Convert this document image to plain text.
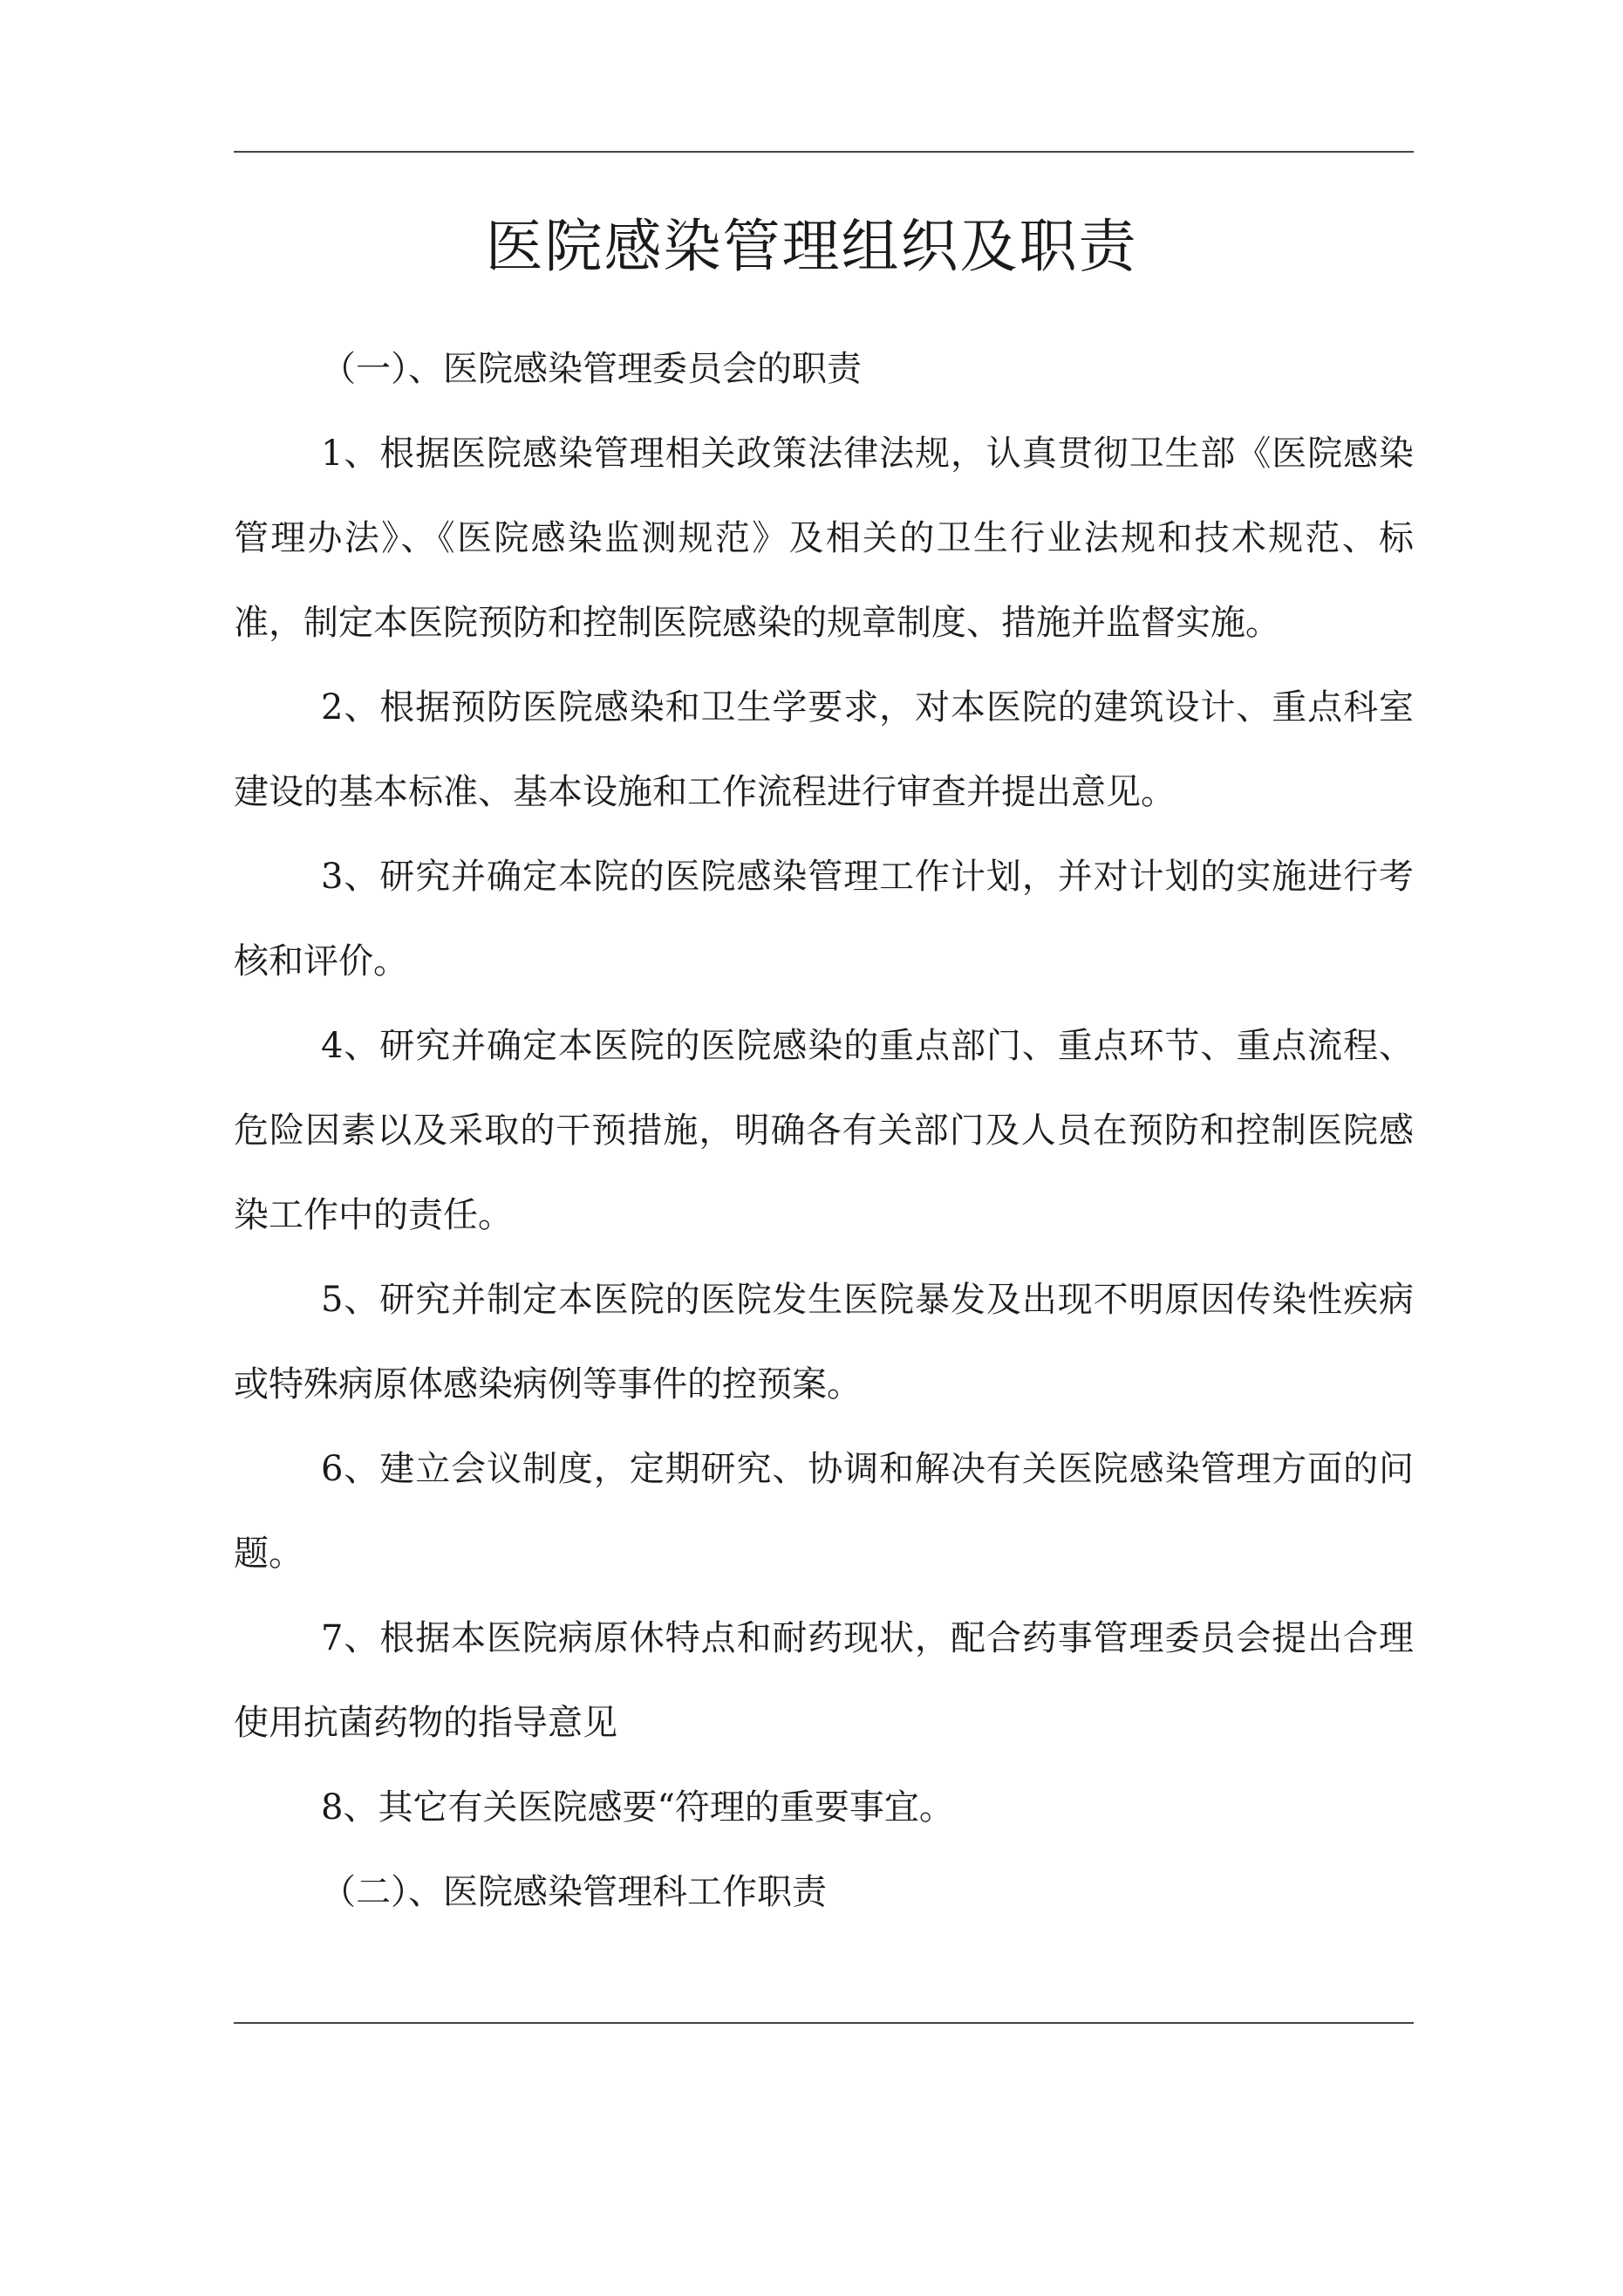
医院感染管理组织及职责

（一）、医院感染管理委员会的职责

1、根据医院感染管理相关政策法律法规，认真贯彻卫生部《医院感染管理办法》、《医院感染监测规范》及相关的卫生行业法规和技术规范、标准，制定本医院预防和控制医院感染的规章制度、措施并监督实施。

2、根据预防医院感染和卫生学要求，对本医院的建筑设计、重点科室建设的基本标准、基本设施和工作流程进行审查并提出意见。

3、研究并确定本院的医院感染管理工作计划，并对计划的实施进行考核和评价。

4、研究并确定本医院的医院感染的重点部门、重点环节、重点流程、危险因素以及采取的干预措施，明确各有关部门及人员在预防和控制医院感染工作中的责任。

5、研究并制定本医院的医院发生医院暴发及出现不明原因传染性疾病或特殊病原体感染病例等事件的控预案。

6、建立会议制度，定期研究、协调和解决有关医院感染管理方面的问题。

7、根据本医院病原休特点和耐药现状，配合药事管理委员会提出合理使用抗菌药物的指导意见

8、其它有关医院感要“符理的重要事宜。

（二）、医院感染管理科工作职责
